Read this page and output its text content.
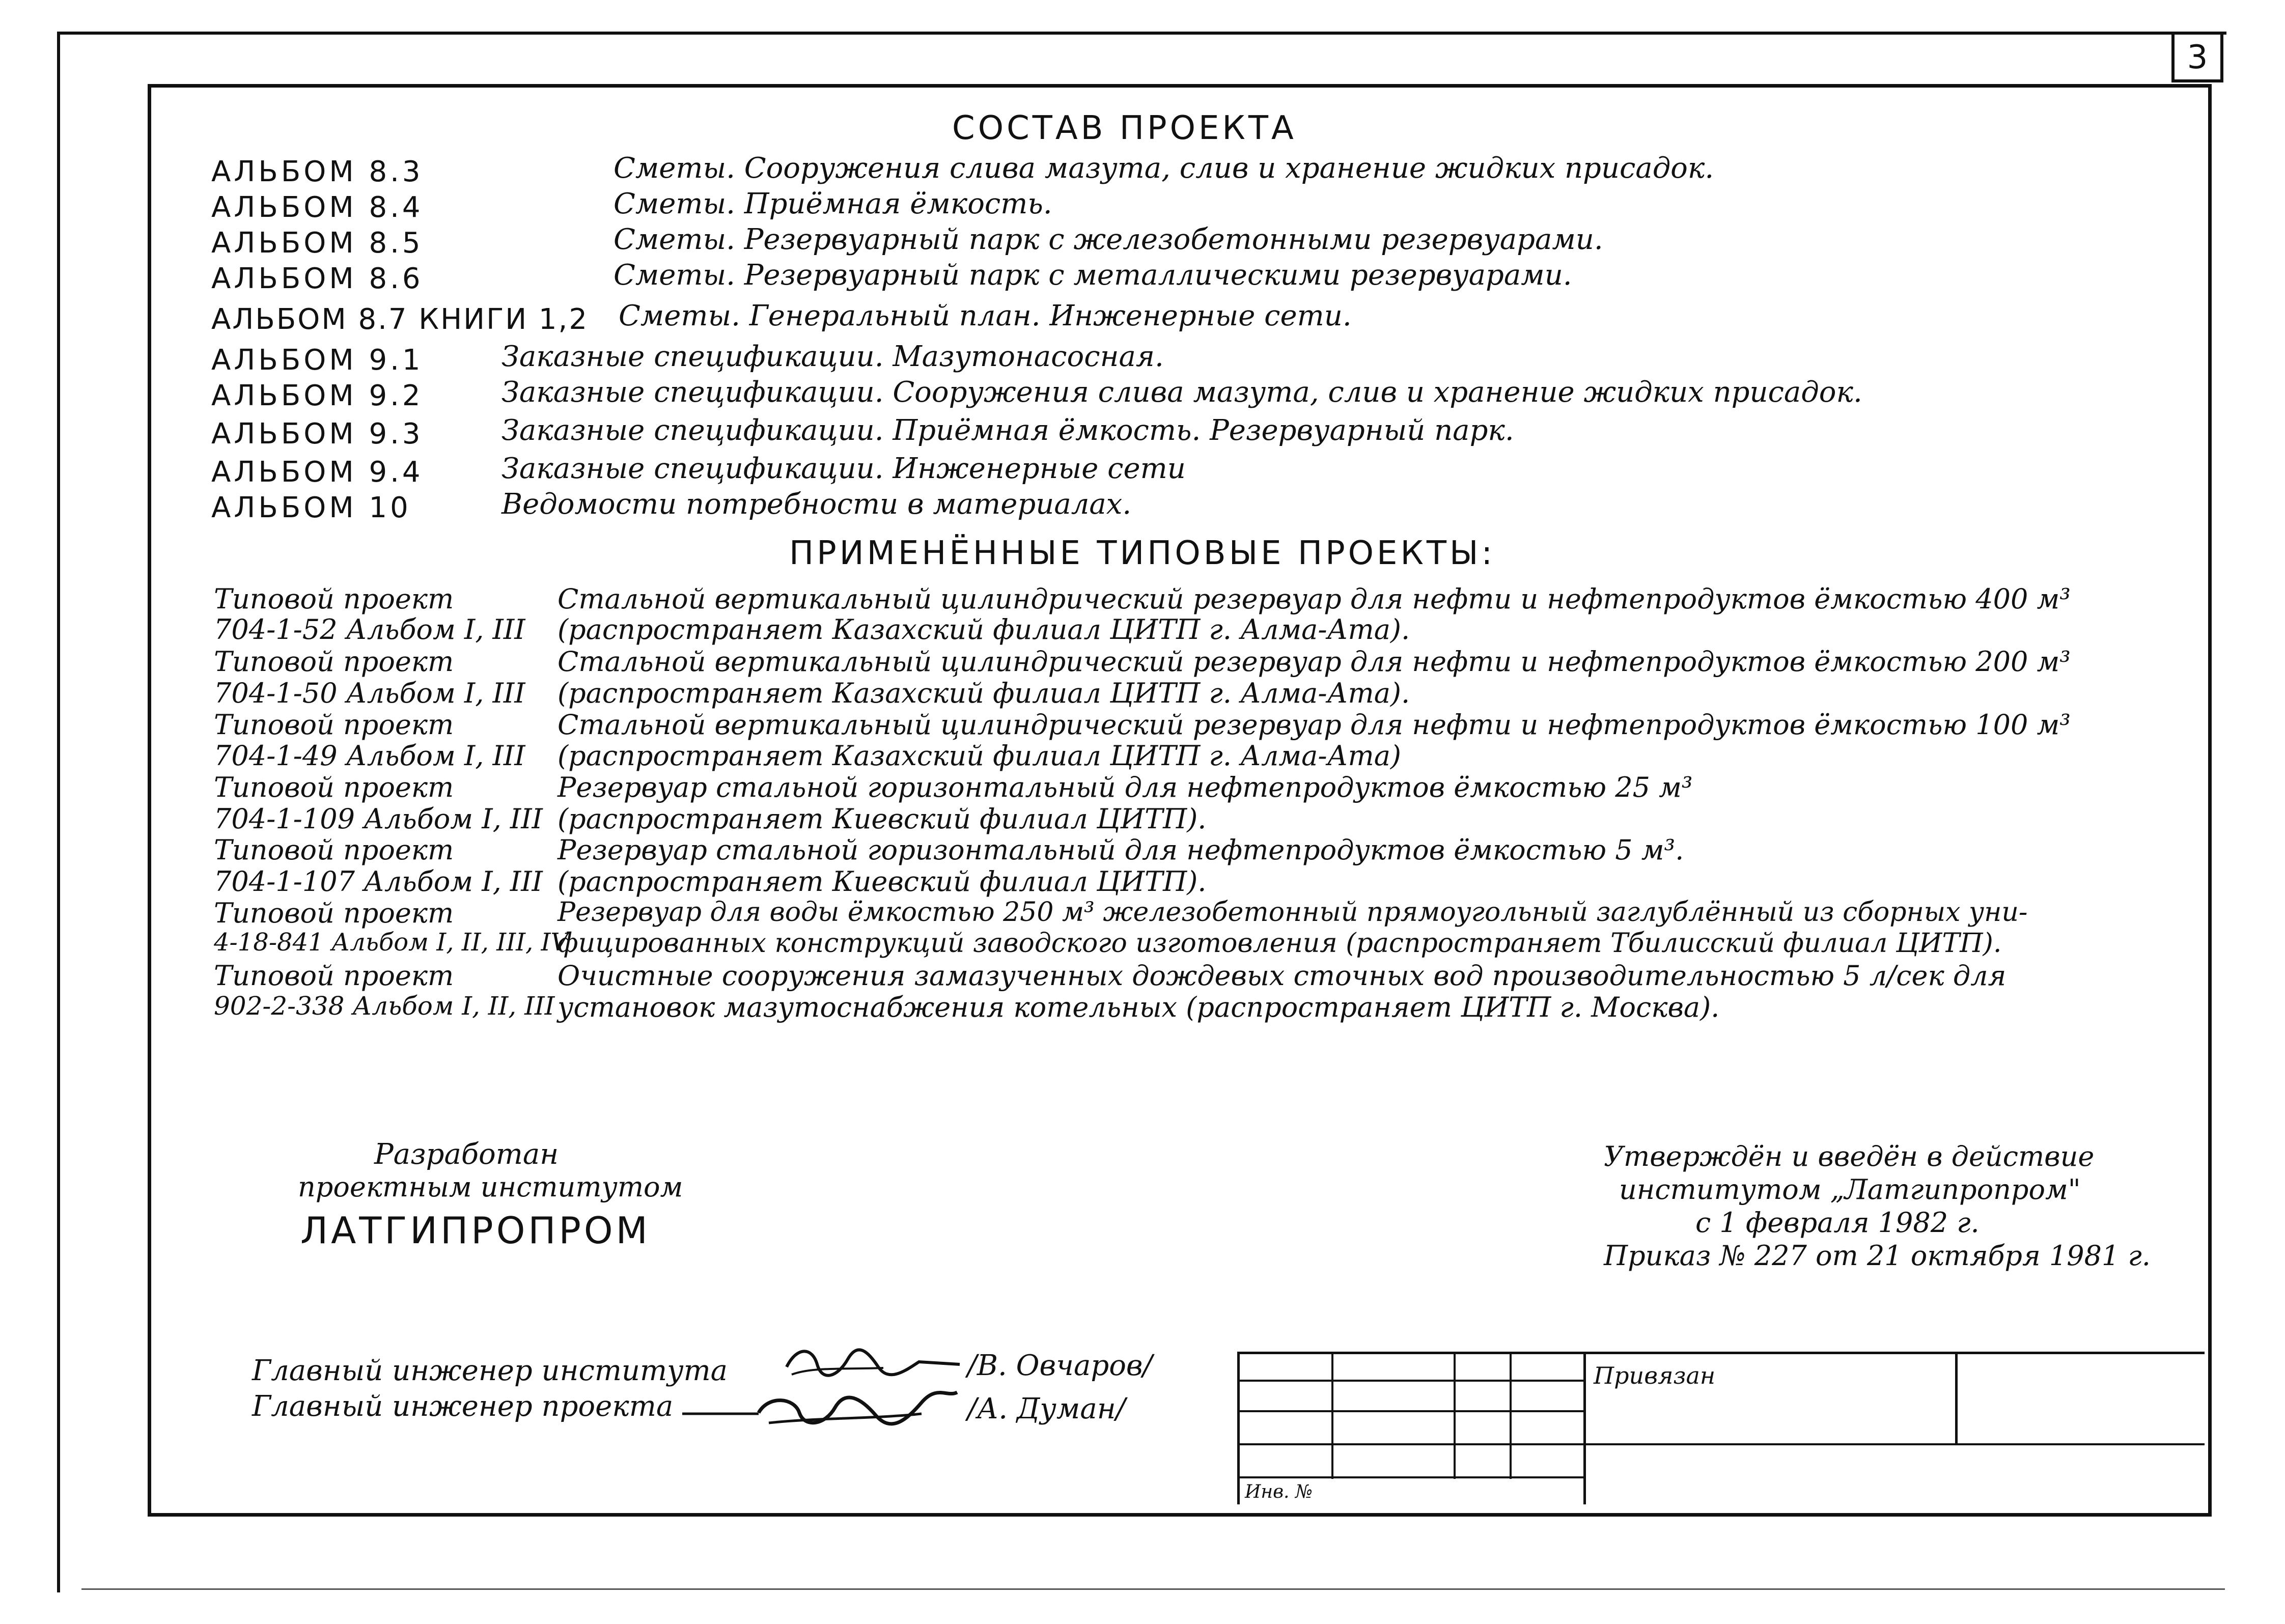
3
СОСТАВ ПРОЕКТА
АЛЬБОМ 8.3	Сметы. Сооружения слива мазута, слив и хранение жидких присадок.
АЛЬБОМ 8.4	Сметы. Приёмная ёмкость.
АЛЬБОМ 8.5	Сметы. Резервуарный парк с железобетонными резервуарами.
АЛЬБОМ 8.6	Сметы. Резервуарный парк с металлическими резервуарами.
АЛЬБОМ 8.7 КНИГИ 1,2 Сметы. Генеральный план. Инженерные сети.
АЛЬБОМ 9.1	Заказные спецификации. Мазутонасосная.
АЛЬБОМ 9.2	Заказные спецификации. Сооружения слива мазута, слив и хранение жидких присадок.
АЛЬБОМ 9.3	Заказные спецификации. Приёмная ёмкость. Резервуарный парк.
АЛЬБОМ 9.4	Заказные спецификации. Инженерные сети
АЛЬБОМ 10	Ведомости потребности в материалах.
ПРИМЕНЁННЫЕ ТИПОВЫЕ ПРОЕКТЫ:
Типовой проект	Стальной вертикальный цилиндрический резервуар для нефти и нефтепродуктов ёмкостью 400 м³
704-1-52 Альбом I, III (распространяет Казахский филиал ЦИТП г. Алма-Ата).
Типовой проект	Стальной вертикальный цилиндрический резервуар для нефти и нефтепродуктов ёмкостью 200 м³
704-1-50 Альбом I, III (распространяет Казахский филиал ЦИТП г. Алма-Ата).
Типовой проект	Стальной вертикальный цилиндрический резервуар для нефти и нефтепродуктов ёмкостью 100 м³
704-1-49 Альбом I, III (распространяет Казахский филиал ЦИТП г. Алма-Ата)
Типовой проект	Резервуар стальной горизонтальный для нефтепродуктов ёмкостью 25 м³
704-1-109 Альбом I, III (распространяет Киевский филиал ЦИТП).
Типовой проект	Резервуар стальной горизонтальный для нефтепродуктов ёмкостью 5 м³.
704-1-107 Альбом I, III (распространяет Киевский филиал ЦИТП).
Типовой проект	Резервуар для воды ёмкостью 250 м³ железобетонный прямоугольный заглублённый из сборных уни-
4-18-841 Альбом I, II, III, IV
фицированных конструкций заводского изготовления (распространяет Тбилисский филиал ЦИТП).
Типовой проект	Очистные сооружения замазученных дождевых сточных вод производительностью 5 л/сек для
902-2-338 Альбом I, II, III установок мазутоснабжения котельных (распространяет ЦИТП г. Москва).
Разработан
проектным институтом
ЛАТГИПРОПРОМ
Утверждён и введён в действие
институтом „Латгипропром"
с 1 февраля 1982 г.
Приказ № 227 от 21 октября 1981 г.
Главный инженер института	/В. Овчаров/
Главный инженер проекта	/А. Думан/
Привязан
Инв. №
